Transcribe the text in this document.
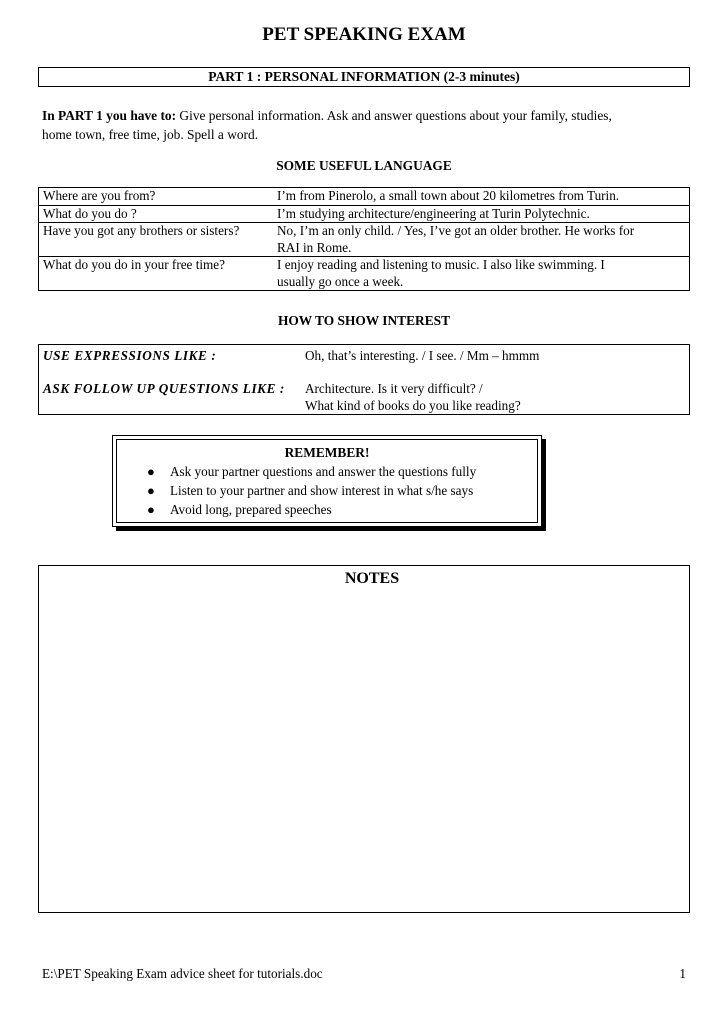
PET SPEAKING EXAM
PART 1 : PERSONAL INFORMATION (2-3 minutes)
In PART 1 you have to: Give personal information. Ask and answer questions about your family, studies,
home town, free time, job. Spell a word.
SOME USEFUL LANGUAGE
Where are you from?	I’m from Pinerolo, a small town about 20 kilometres from Turin.
What do you do ?	I’m studying architecture/engineering at Turin Polytechnic.
Have you got any brothers or sisters?	No, I’m an only child. / Yes, I’ve got an older brother. He works for
RAI in Rome.
What do you do in your free time?	I enjoy reading and listening to music. I also like swimming. I
usually go once a week.
HOW TO SHOW INTEREST
USE EXPRESSIONS LIKE :	Oh, that’s interesting. / I see. / Mm – hmmm
ASK FOLLOW UP QUESTIONS LIKE : Architecture. Is it very difficult? /
What kind of books do you like reading?
REMEMBER!
● Ask your partner questions and answer the questions fully
● Listen to your partner and show interest in what s/he says
● Avoid long, prepared speeches
NOTES
E:\PET Speaking Exam advice sheet for tutorials.doc	1
